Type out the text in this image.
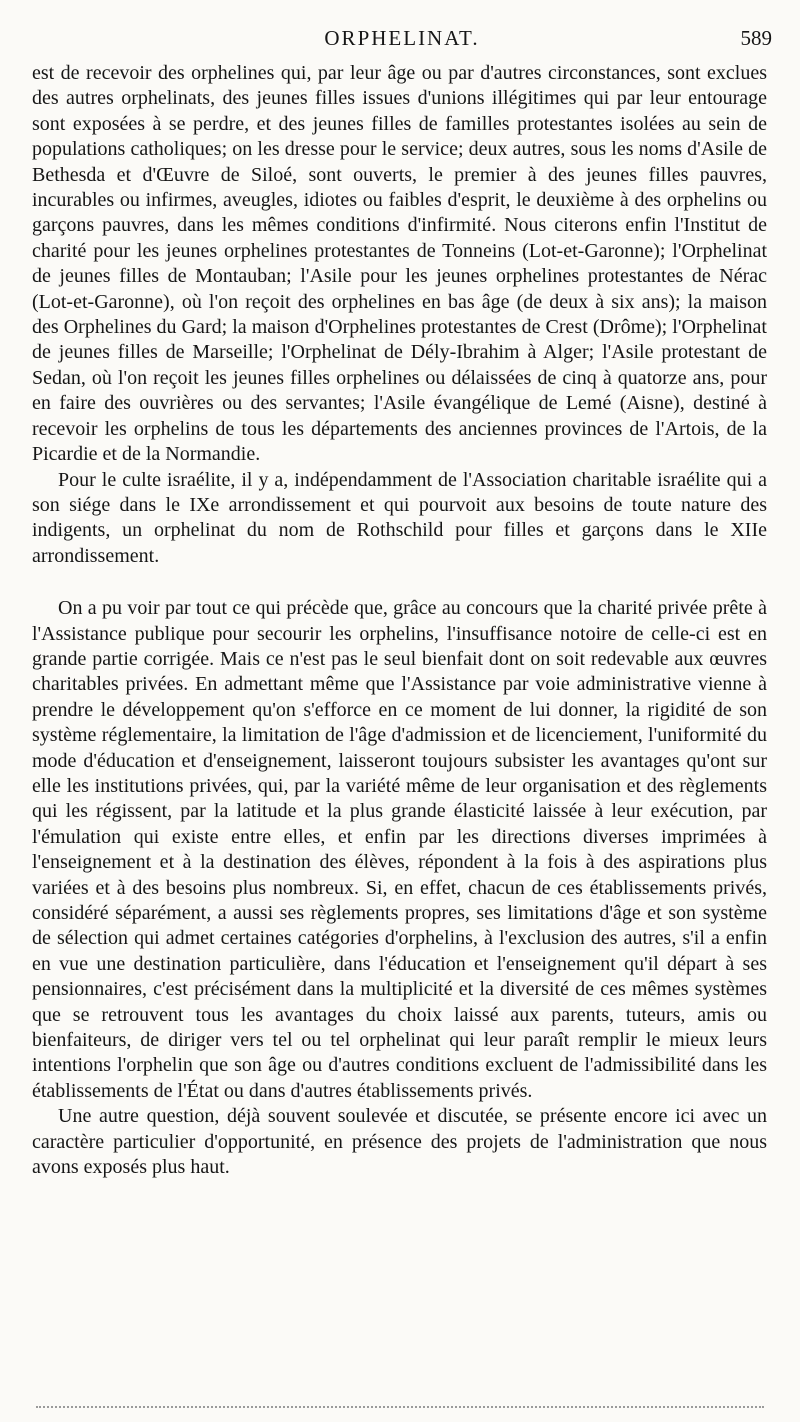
ORPHELINAT.	589

est de recevoir des orphelines qui, par leur âge ou par d'autres circonstances, sont exclues des autres orphelinats, des jeunes filles issues d'unions illégitimes qui par leur entourage sont exposées à se perdre, et des jeunes filles de familles protestantes isolées au sein de populations catholiques; on les dresse pour le service; deux autres, sous les noms d'Asile de Bethesda et d'Œuvre de Siloé, sont ouverts, le premier à des jeunes filles pauvres, incurables ou infirmes, aveugles, idiotes ou faibles d'esprit, le deuxième à des orphelins ou garçons pauvres, dans les mêmes conditions d'infirmité. Nous citerons enfin l'Institut de charité pour les jeunes orphelines protestantes de Tonneins (Lot-et-Garonne); l'Orphelinat de jeunes filles de Montauban; l'Asile pour les jeunes orphelines protestantes de Nérac (Lot-et-Garonne), où l'on reçoit des orphelines en bas âge (de deux à six ans); la maison des Orphelines du Gard; la maison d'Orphelines protestantes de Crest (Drôme); l'Orphelinat de jeunes filles de Marseille; l'Orphelinat de Dély-Ibrahim à Alger; l'Asile protestant de Sedan, où l'on reçoit les jeunes filles orphelines ou délaissées de cinq à quatorze ans, pour en faire des ouvrières ou des servantes; l'Asile évangélique de Lemé (Aisne), destiné à recevoir les orphelins de tous les départements des anciennes provinces de l'Artois, de la Picardie et de la Normandie.

Pour le culte israélite, il y a, indépendamment de l'Association charitable israélite qui a son siége dans le IXe arrondissement et qui pourvoit aux besoins de toute nature des indigents, un orphelinat du nom de Rothschild pour filles et garçons dans le XIIe arrondissement.

On a pu voir par tout ce qui précède que, grâce au concours que la charité privée prête à l'Assistance publique pour secourir les orphelins, l'insuffisance notoire de celle-ci est en grande partie corrigée. Mais ce n'est pas le seul bienfait dont on soit redevable aux œuvres charitables privées. En admettant même que l'Assistance par voie administrative vienne à prendre le développement qu'on s'efforce en ce moment de lui donner, la rigidité de son système réglementaire, la limitation de l'âge d'admission et de licenciement, l'uniformité du mode d'éducation et d'enseignement, laisseront toujours subsister les avantages qu'ont sur elle les institutions privées, qui, par la variété même de leur organisation et des règlements qui les régissent, par la latitude et la plus grande élasticité laissée à leur exécution, par l'émulation qui existe entre elles, et enfin par les directions diverses imprimées à l'enseignement et à la destination des élèves, répondent à la fois à des aspirations plus variées et à des besoins plus nombreux. Si, en effet, chacun de ces établissements privés, considéré séparément, a aussi ses règlements propres, ses limitations d'âge et son système de sélection qui admet certaines catégories d'orphelins, à l'exclusion des autres, s'il a enfin en vue une destination particulière, dans l'éducation et l'enseignement qu'il départ à ses pensionnaires, c'est précisément dans la multiplicité et la diversité de ces mêmes systèmes que se retrouvent tous les avantages du choix laissé aux parents, tuteurs, amis ou bienfaiteurs, de diriger vers tel ou tel orphelinat qui leur paraît remplir le mieux leurs intentions l'orphelin que son âge ou d'autres conditions excluent de l'admissibilité dans les établissements de l'État ou dans d'autres établissements privés.

Une autre question, déjà souvent soulevée et discutée, se présente encore ici avec un caractère particulier d'opportunité, en présence des projets de l'administration que nous avons exposés plus haut.
